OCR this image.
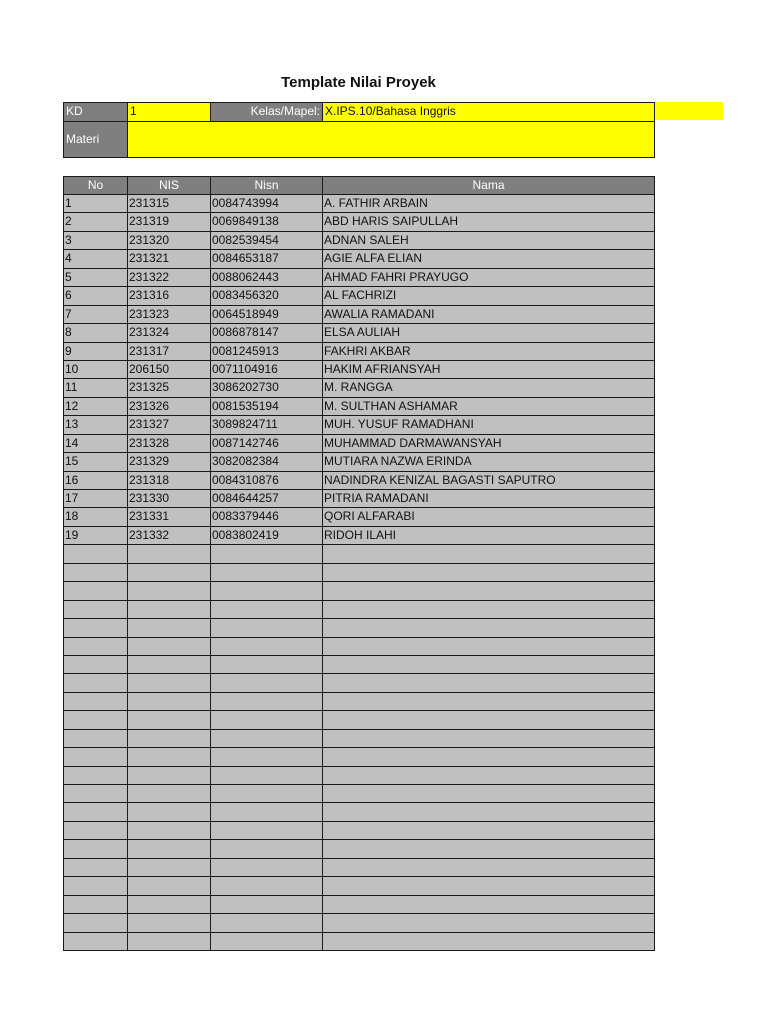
Template Nilai Proyek
KD	1	Kelas/Mapel:	X.IPS.10/Bahasa Inggris
Materi			
No	NIS	Nisn	Nama
1	231315	0084743994	A. FATHIR ARBAIN
2	231319	0069849138	ABD HARIS SAIPULLAH
3	231320	0082539454	ADNAN SALEH
4	231321	0084653187	AGIE ALFA ELIAN
5	231322	0088062443	AHMAD FAHRI PRAYUGO
6	231316	0083456320	AL FACHRIZI
7	231323	0064518949	AWALIA RAMADANI
8	231324	0086878147	ELSA AULIAH
9	231317	0081245913	FAKHRI AKBAR
10	206150	0071104916	HAKIM AFRIANSYAH
11	231325	3086202730	M. RANGGA
12	231326	0081535194	M. SULTHAN ASHAMAR
13	231327	3089824711	MUH. YUSUF RAMADHANI
14	231328	0087142746	MUHAMMAD DARMAWANSYAH
15	231329	3082082384	MUTIARA NAZWA ERINDA
16	231318	0084310876	NADINDRA KENIZAL BAGASTI SAPUTRO
17	231330	0084644257	PITRIA RAMADANI
18	231331	0083379446	QORI ALFARABI
19	231332	0083802419	RIDOH ILAHI
